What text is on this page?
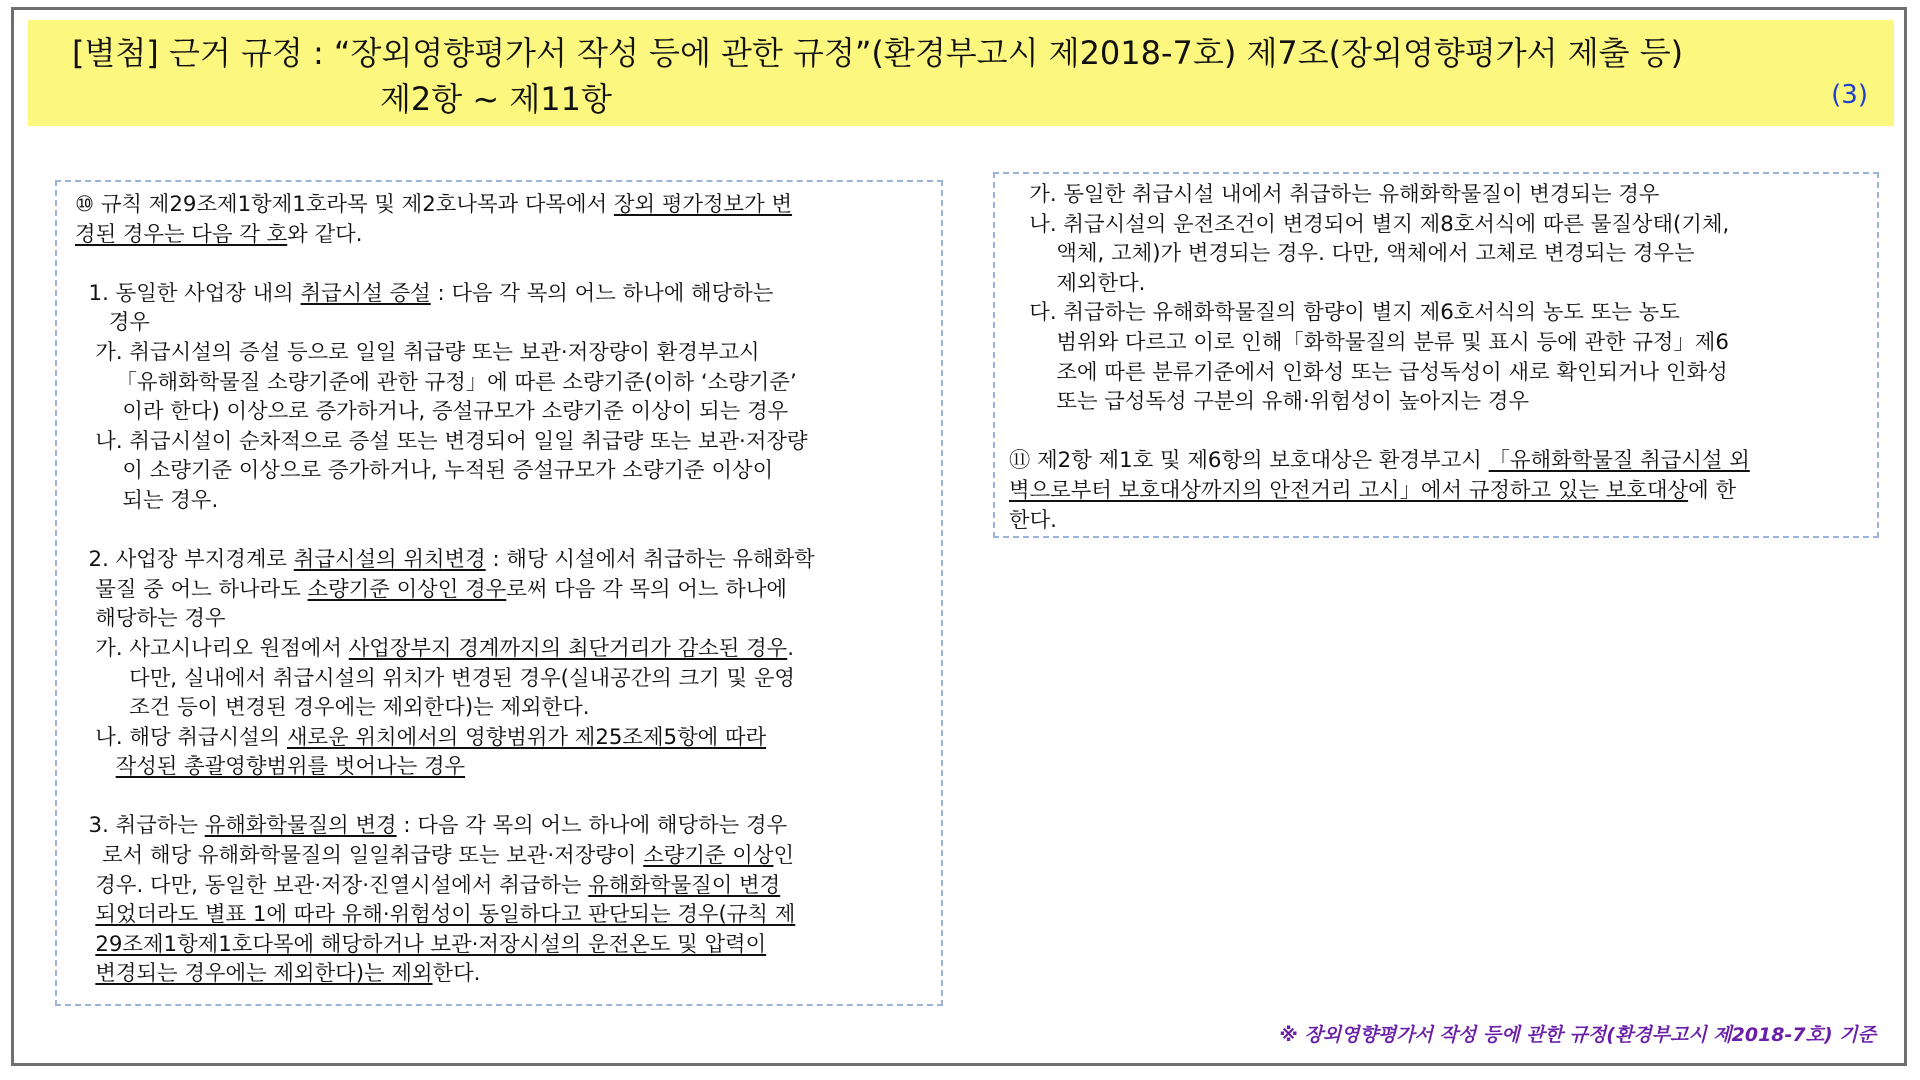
[별첨] 근거 규정 : “장외영향평가서 작성 등에 관한 규정”(환경부고시 제2018-7호) 제7조(장외영향평가서 제출 등)
제2항 ~ 제11항	(3)
⑩ 규칙 제29조제1항제1호라목 및 제2호나목과 다목에서 장외 평가정보가 변
경된 경우는 다음 각 호와 같다.

1. 동일한 사업장 내의 취급시설 증설 : 다음 각 목의 어느 하나에 해당하는
경우
가. 취급시설의 증설 등으로 일일 취급량 또는 보관·저장량이 환경부고시
「유해화학물질 소량기준에 관한 규정」에 따른 소량기준(이하 ‘소량기준’
이라 한다) 이상으로 증가하거나, 증설규모가 소량기준 이상이 되는 경우
나. 취급시설이 순차적으로 증설 또는 변경되어 일일 취급량 또는 보관·저장량
이 소량기준 이상으로 증가하거나, 누적된 증설규모가 소량기준 이상이
되는 경우.

2. 사업장 부지경계로 취급시설의 위치변경 : 해당 시설에서 취급하는 유해화학
물질 중 어느 하나라도 소량기준 이상인 경우로써 다음 각 목의 어느 하나에
해당하는 경우
가. 사고시나리오 원점에서 사업장부지 경계까지의 최단거리가 감소된 경우.
다만, 실내에서 취급시설의 위치가 변경된 경우(실내공간의 크기 및 운영
조건 등이 변경된 경우에는 제외한다)는 제외한다.
나. 해당 취급시설의 새로운 위치에서의 영향범위가 제25조제5항에 따라
작성된 총괄영향범위를 벗어나는 경우

3. 취급하는 유해화학물질의 변경 : 다음 각 목의 어느 하나에 해당하는 경우
로서 해당 유해화학물질의 일일취급량 또는 보관·저장량이 소량기준 이상인
경우. 다만, 동일한 보관·저장·진열시설에서 취급하는 유해화학물질이 변경
되었더라도 별표 1에 따라 유해·위험성이 동일하다고 판단되는 경우(규칙 제
29조제1항제1호다목에 해당하거나 보관·저장시설의 운전온도 및 압력이
변경되는 경우에는 제외한다)는 제외한다.
가. 동일한 취급시설 내에서 취급하는 유해화학물질이 변경되는 경우
나. 취급시설의 운전조건이 변경되어 별지 제8호서식에 따른 물질상태(기체,
액체, 고체)가 변경되는 경우. 다만, 액체에서 고체로 변경되는 경우는
제외한다.
다. 취급하는 유해화학물질의 함량이 별지 제6호서식의 농도 또는 농도
범위와 다르고 이로 인해「화학물질의 분류 및 표시 등에 관한 규정」제6
조에 따른 분류기준에서 인화성 또는 급성독성이 새로 확인되거나 인화성
또는 급성독성 구분의 유해·위험성이 높아지는 경우

⑪ 제2항 제1호 및 제6항의 보호대상은 환경부고시 「유해화학물질 취급시설 외
벽으로부터 보호대상까지의 안전거리 고시」에서 규정하고 있는 보호대상에 한
한다.
※ 장외영향평가서 작성 등에 관한 규정(환경부고시 제2018-7호) 기준
